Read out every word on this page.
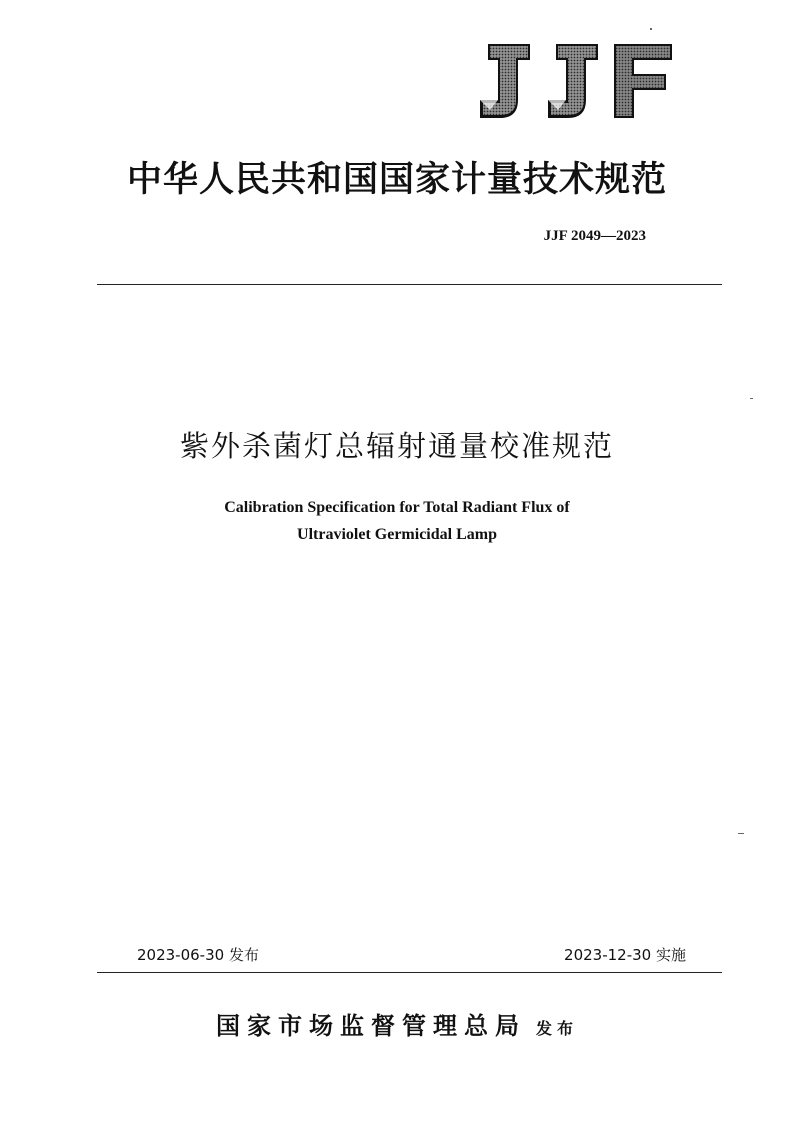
中华人民共和国国家计量技术规范
JJF 2049—2023
紫外杀菌灯总辐射通量校准规范
Calibration Specification for Total Radiant Flux of
Ultraviolet Germicidal Lamp
2023-06-30 发布	2023-12-30 实施
国家市场监督管理总局 发布
